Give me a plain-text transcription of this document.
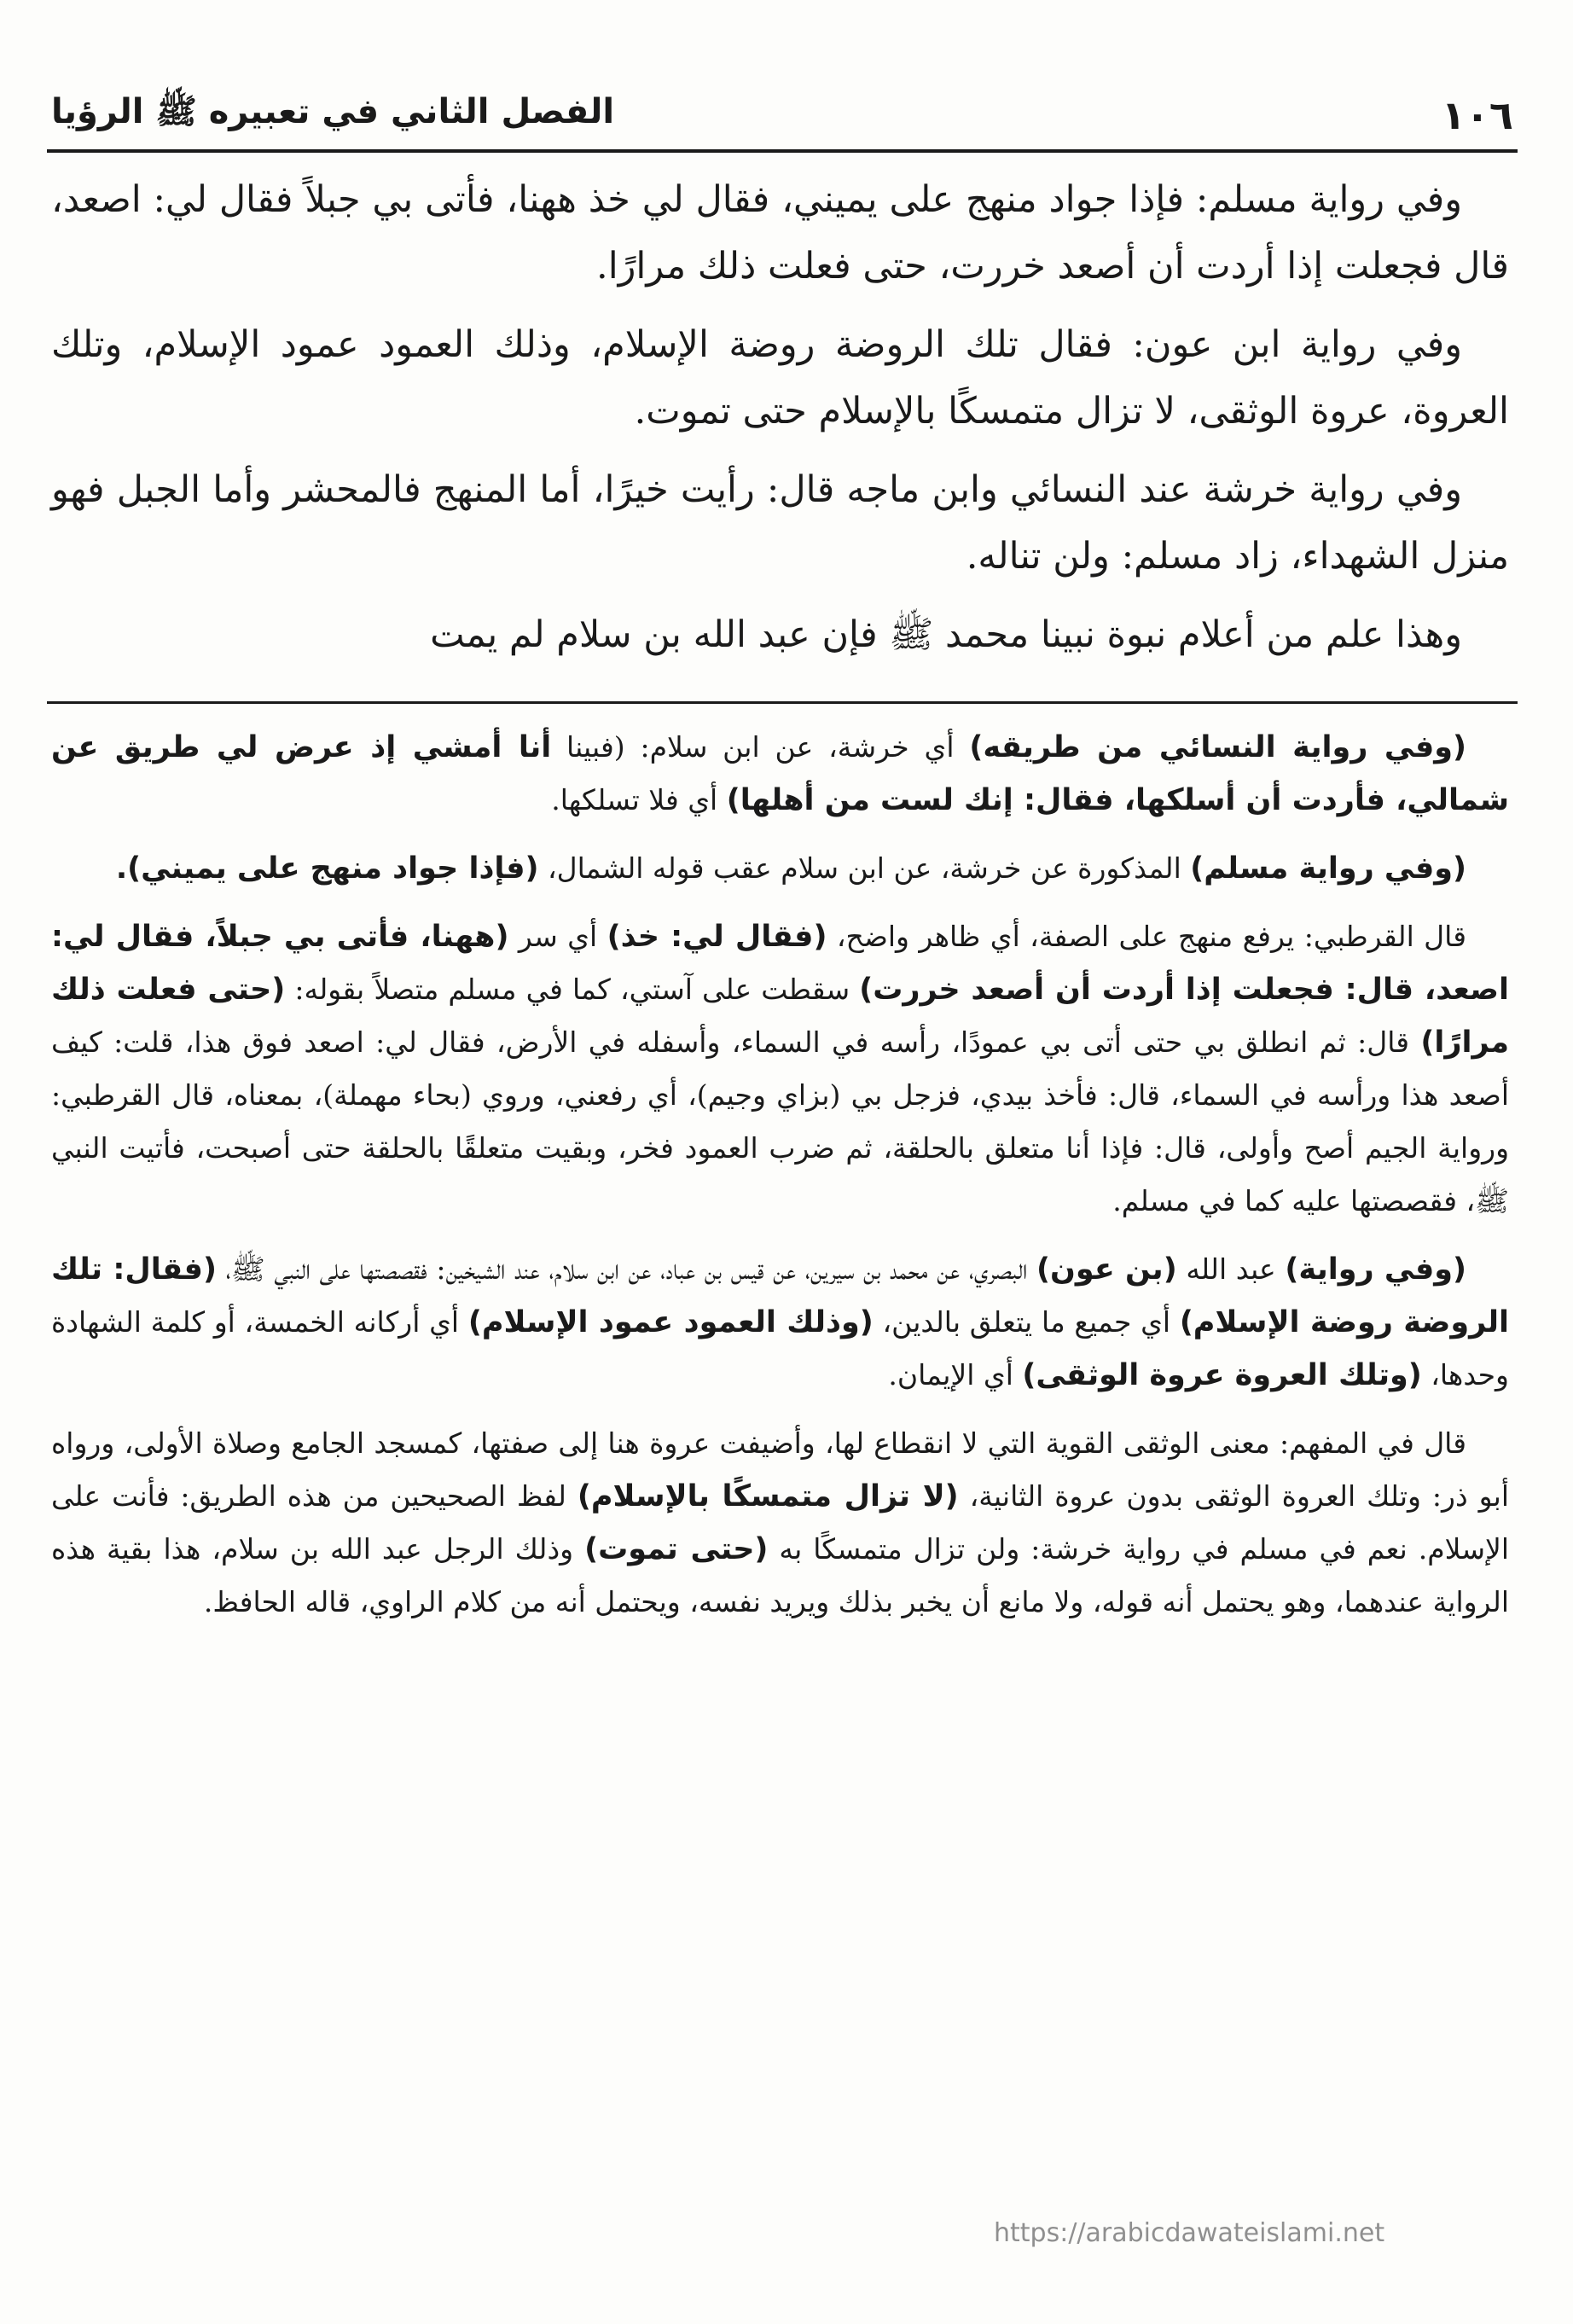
١٠٦
الفصل الثاني في تعبيره ﷺ الرؤيا

وفي رواية مسلم: فإذا جواد منهج على يميني، فقال لي خذ ههنا، فأتى بي جبلاً فقال لي: اصعد، قال فجعلت إذا أردت أن أصعد خررت، حتى فعلت ذلك مرارًا.

وفي رواية ابن عون: فقال تلك الروضة روضة الإسلام، وذلك العمود عمود الإسلام، وتلك العروة، عروة الوثقى، لا تزال متمسكًا بالإسلام حتى تموت.

وفي رواية خرشة عند النسائي وابن ماجه قال: رأيت خيرًا، أما المنهج فالمحشر وأما الجبل فهو منزل الشهداء، زاد مسلم: ولن تناله.

وهذا علم من أعلام نبوة نبينا محمد ﷺ فإن عبد الله بن سلام لم يمت

(وفي رواية النسائي من طريقه) أي خرشة، عن ابن سلام: (فبينا أنا أمشي إذ عرض لي طريق عن شمالي، فأردت أن أسلكها، فقال: إنك لست من أهلها) أي فلا تسلكها.

(وفي رواية مسلم) المذكورة عن خرشة، عن ابن سلام عقب قوله الشمال، (فإذا جواد منهج على يميني).

قال القرطبي: يرفع منهج على الصفة، أي ظاهر واضح، (فقال لي: خذ) أي سر (ههنا، فأتى بي جبلاً، فقال لي: اصعد، قال: فجعلت إذا أردت أن أصعد خررت) سقطت على آستي، كما في مسلم متصلاً بقوله: (حتى فعلت ذلك مرارًا) قال: ثم انطلق بي حتى أتى بي عمودًا، رأسه في السماء، وأسفله في الأرض، فقال لي: اصعد فوق هذا، قلت: كيف أصعد هذا ورأسه في السماء، قال: فأخذ بيدي، فزجل بي (بزاي وجيم)، أي رفعني، وروي (بحاء مهملة)، بمعناه، قال القرطبي: ورواية الجيم أصح وأولى، قال: فإذا أنا متعلق بالحلقة، ثم ضرب العمود فخر، وبقيت متعلقًا بالحلقة حتى أصبحت، فأتيت النبي ﷺ، فقصصتها عليه كما في مسلم.

(وفي رواية) عبد الله (بن عون) البصري، عن محمد بن سيرين، عن قيس بن عباد، عن ابن سلام، عند الشيخين: فقصصتها على النبي ﷺ، (فقال: تلك الروضة روضة الإسلام) أي جميع ما يتعلق بالدين، (وذلك العمود عمود الإسلام) أي أركانه الخمسة، أو كلمة الشهادة وحدها، (وتلك العروة عروة الوثقى) أي الإيمان.

قال في المفهم: معنى الوثقى القوية التي لا انقطاع لها، وأضيفت عروة هنا إلى صفتها، كمسجد الجامع وصلاة الأولى، ورواه أبو ذر: وتلك العروة الوثقى بدون عروة الثانية، (لا تزال متمسكًا بالإسلام) لفظ الصحيحين من هذه الطريق: فأنت على الإسلام. نعم في مسلم في رواية خرشة: ولن تزال متمسكًا به (حتى تموت) وذلك الرجل عبد الله بن سلام، هذا بقية هذه الرواية عندهما، وهو يحتمل أنه قوله، ولا مانع أن يخبر بذلك ويريد نفسه، ويحتمل أنه من كلام الراوي، قاله الحافظ.

https://arabicdawateislami.net
